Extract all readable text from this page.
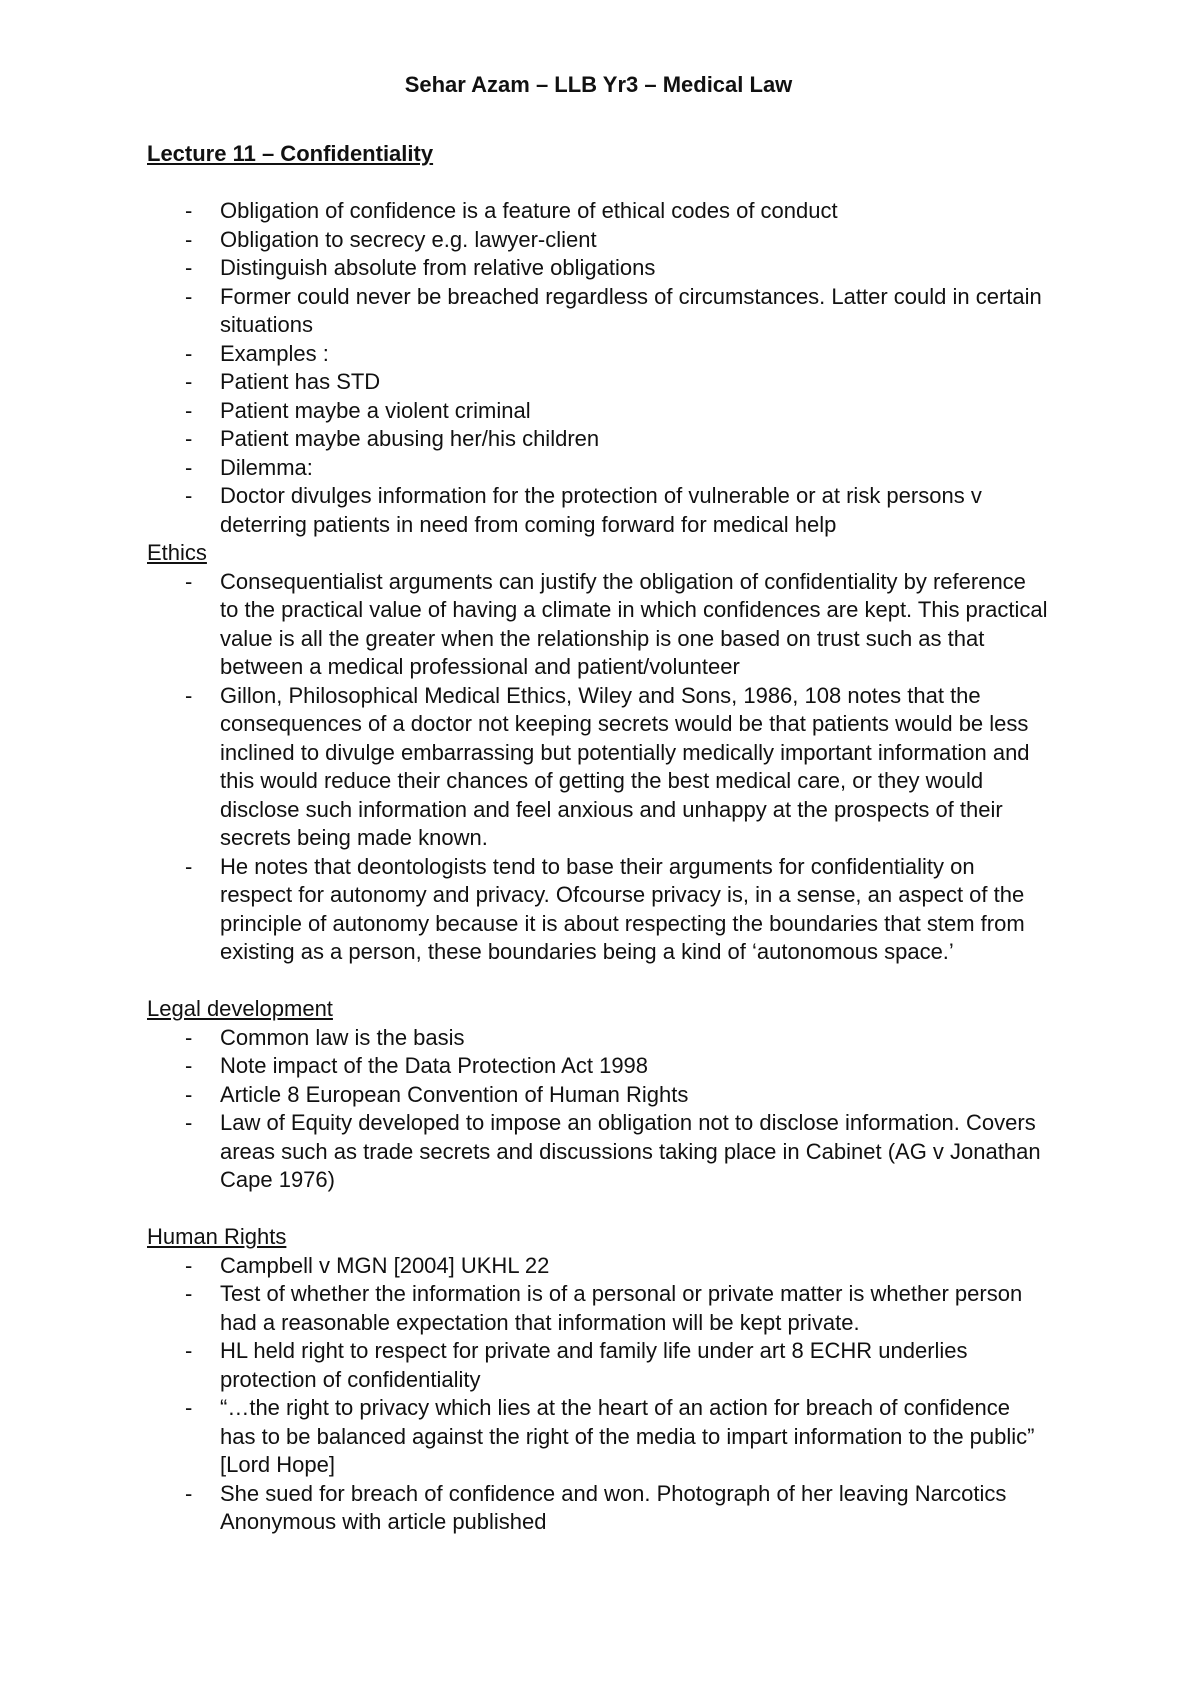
Sehar Azam – LLB Yr3 – Medical Law
Lecture 11 – Confidentiality
- Obligation of confidence is a feature of ethical codes of conduct
- Obligation to secrecy e.g. lawyer-client
- Distinguish absolute from relative obligations
- Former could never be breached regardless of circumstances. Latter could in certain situations
- Examples :
- Patient has STD
- Patient maybe a violent criminal
- Patient maybe abusing her/his children
- Dilemma:
- Doctor divulges information for the protection of vulnerable or at risk persons v deterring patients in need from coming forward for medical help
Ethics
- Consequentialist arguments can justify the obligation of confidentiality by reference to the practical value of having a climate in which confidences are kept. This practical value is all the greater when the relationship is one based on trust such as that between a medical professional and patient/volunteer
- Gillon, Philosophical Medical Ethics, Wiley and Sons, 1986, 108 notes that the consequences of a doctor not keeping secrets would be that patients would be less inclined to divulge embarrassing but potentially medically important information and this would reduce their chances of getting the best medical care, or they would disclose such information and feel anxious and unhappy at the prospects of their secrets being made known.
- He notes that deontologists tend to base their arguments for confidentiality on respect for autonomy and privacy. Ofcourse privacy is, in a sense, an aspect of the principle of autonomy because it is about respecting the boundaries that stem from existing as a person, these boundaries being a kind of ‘autonomous space.’
Legal development
- Common law is the basis
- Note impact of the Data Protection Act 1998
- Article 8 European Convention of Human Rights
- Law of Equity developed to impose an obligation not to disclose information. Covers areas such as trade secrets and discussions taking place in Cabinet (AG v Jonathan Cape 1976)
Human Rights
- Campbell v MGN [2004] UKHL 22
- Test of whether the information is of a personal or private matter is whether person had a reasonable expectation that information will be kept private.
- HL held right to respect for private and family life under art 8 ECHR underlies protection of confidentiality
- “…the right to privacy which lies at the heart of an action for breach of confidence has to be balanced against the right of the media to impart information to the public” [Lord Hope]
- She sued for breach of confidence and won. Photograph of her leaving Narcotics Anonymous with article published
